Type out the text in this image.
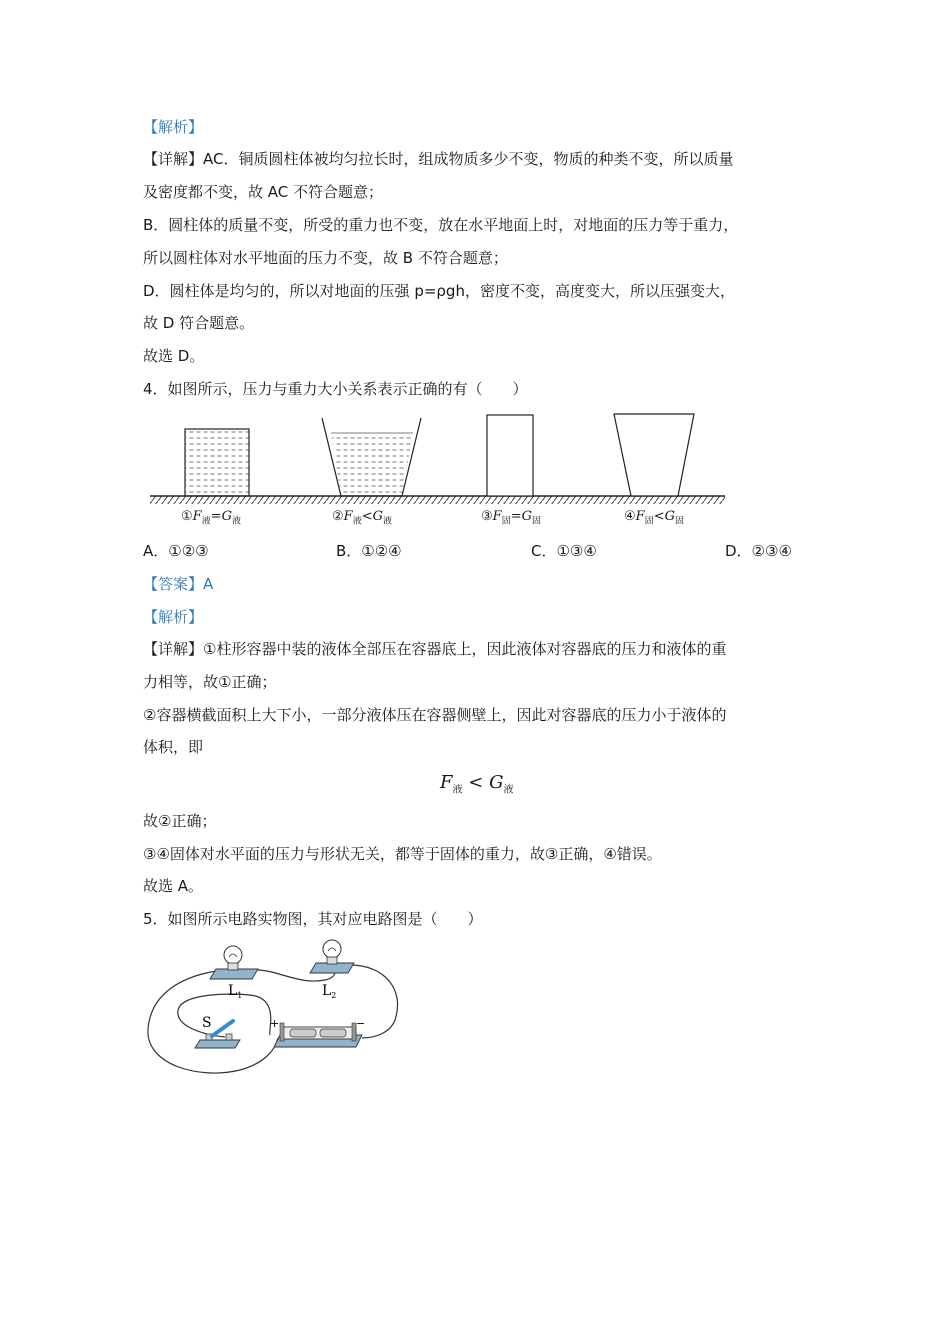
【解析】
【详解】AC．铜质圆柱体被均匀拉长时，组成物质多少不变，物质的种类不变，所以质量
及密度都不变，故 AC 不符合题意；
B．圆柱体的质量不变，所受的重力也不变，放在水平地面上时，对地面的压力等于重力，
所以圆柱体对水平地面的压力不变，故 B 不符合题意；
D．圆柱体是均匀的，所以对地面的压强 p=ρgh，密度不变，高度变大，所以压强变大，
故 D 符合题意。
故选 D。
4．如图所示，压力与重力大小关系表示正确的有（　　）
$①F_液=G_液$	$②F_液<G_液$	$③F_固=G_固$	$④F_固<G_固$
A．①②③	B．①②④	C．①③④	D．②③④
【答案】A
【解析】
【详解】①柱形容器中装的液体全部压在容器底上，因此液体对容器底的压力和液体的重
力相等，故①正确；
②容器横截面积上大下小，一部分液体压在容器侧壁上，因此对容器底的压力小于液体的
体积，即
$F_液 < G_液$
故②正确；
③④固体对水平面的压力与形状无关，都等于固体的重力，故③正确，④错误。
故选 A。
5．如图所示电路实物图，其对应电路图是（　　）
$L_1$	$L_2$
S	+	−
